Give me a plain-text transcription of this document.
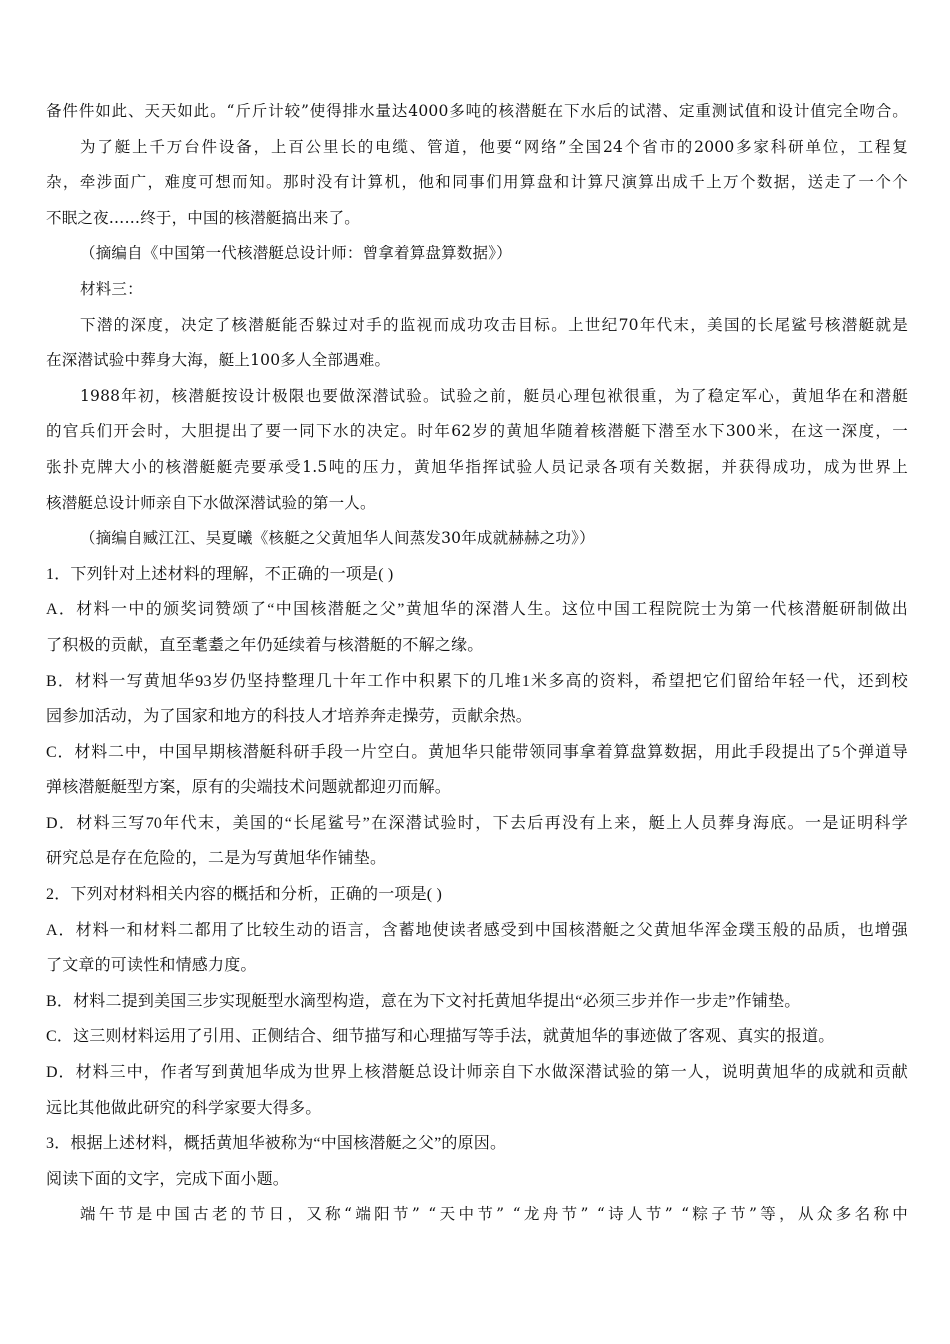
备件件如此、天天如此。“斤斤计较”使得排水量达4000多吨的核潜艇在下水后的试潜、定重测试值和设计值完全吻合。
为了艇上千万台件设备，上百公里长的电缆、管道，他要“网络”全国24个省市的2000多家科研单位，工程复
杂，牵涉面广，难度可想而知。那时没有计算机，他和同事们用算盘和计算尺演算出成千上万个数据，送走了一个个
不眠之夜……终于，中国的核潜艇搞出来了。
（摘编自《中国第一代核潜艇总设计师：曾拿着算盘算数据》）
材料三：
下潜的深度，决定了核潜艇能否躲过对手的监视而成功攻击目标。上世纪70年代末，美国的长尾鲨号核潜艇就是
在深潜试验中葬身大海，艇上100多人全部遇难。
1988年初，核潜艇按设计极限也要做深潜试验。试验之前，艇员心理包袱很重，为了稳定军心，黄旭华在和潜艇
的官兵们开会时，大胆提出了要一同下水的决定。时年62岁的黄旭华随着核潜艇下潜至水下300米，在这一深度，一
张扑克牌大小的核潜艇艇壳要承受1.5吨的压力，黄旭华指挥试验人员记录各项有关数据，并获得成功，成为世界上
核潜艇总设计师亲自下水做深潜试验的第一人。
（摘编自臧江江、吴夏曦《核艇之父黄旭华人间蒸发30年成就赫赫之功》）
1．下列针对上述材料的理解，不正确的一项是( )
A．材料一中的颁奖词赞颂了“中国核潜艇之父”黄旭华的深潜人生。这位中国工程院院士为第一代核潜艇研制做出
了积极的贡献，直至耄耋之年仍延续着与核潜艇的不解之缘。
B．材料一写黄旭华93岁仍坚持整理几十年工作中积累下的几堆1米多高的资料，希望把它们留给年轻一代，还到校
园参加活动，为了国家和地方的科技人才培养奔走操劳，贡献余热。
C．材料二中，中国早期核潜艇科研手段一片空白。黄旭华只能带领同事拿着算盘算数据，用此手段提出了5个弹道导
弹核潜艇艇型方案，原有的尖端技术问题就都迎刃而解。
D．材料三写70年代末，美国的“长尾鲨号”在深潜试验时，下去后再没有上来，艇上人员葬身海底。一是证明科学
研究总是存在危险的，二是为写黄旭华作铺垫。
2．下列对材料相关内容的概括和分析，正确的一项是( )
A．材料一和材料二都用了比较生动的语言，含蓄地使读者感受到中国核潜艇之父黄旭华浑金璞玉般的品质，也增强
了文章的可读性和情感力度。
B．材料二提到美国三步实现艇型水滴型构造，意在为下文衬托黄旭华提出“必须三步并作一步走”作铺垫。
C．这三则材料运用了引用、正侧结合、细节描写和心理描写等手法，就黄旭华的事迹做了客观、真实的报道。
D．材料三中，作者写到黄旭华成为世界上核潜艇总设计师亲自下水做深潜试验的第一人，说明黄旭华的成就和贡献
远比其他做此研究的科学家要大得多。
3．根据上述材料，概括黄旭华被称为“中国核潜艇之父”的原因。
阅读下面的文字，完成下面小题。
端午节是中国古老的节日，又称“端阳节” “天中节” “龙舟节” “诗人节” “粽子节”等，从众多名称中
